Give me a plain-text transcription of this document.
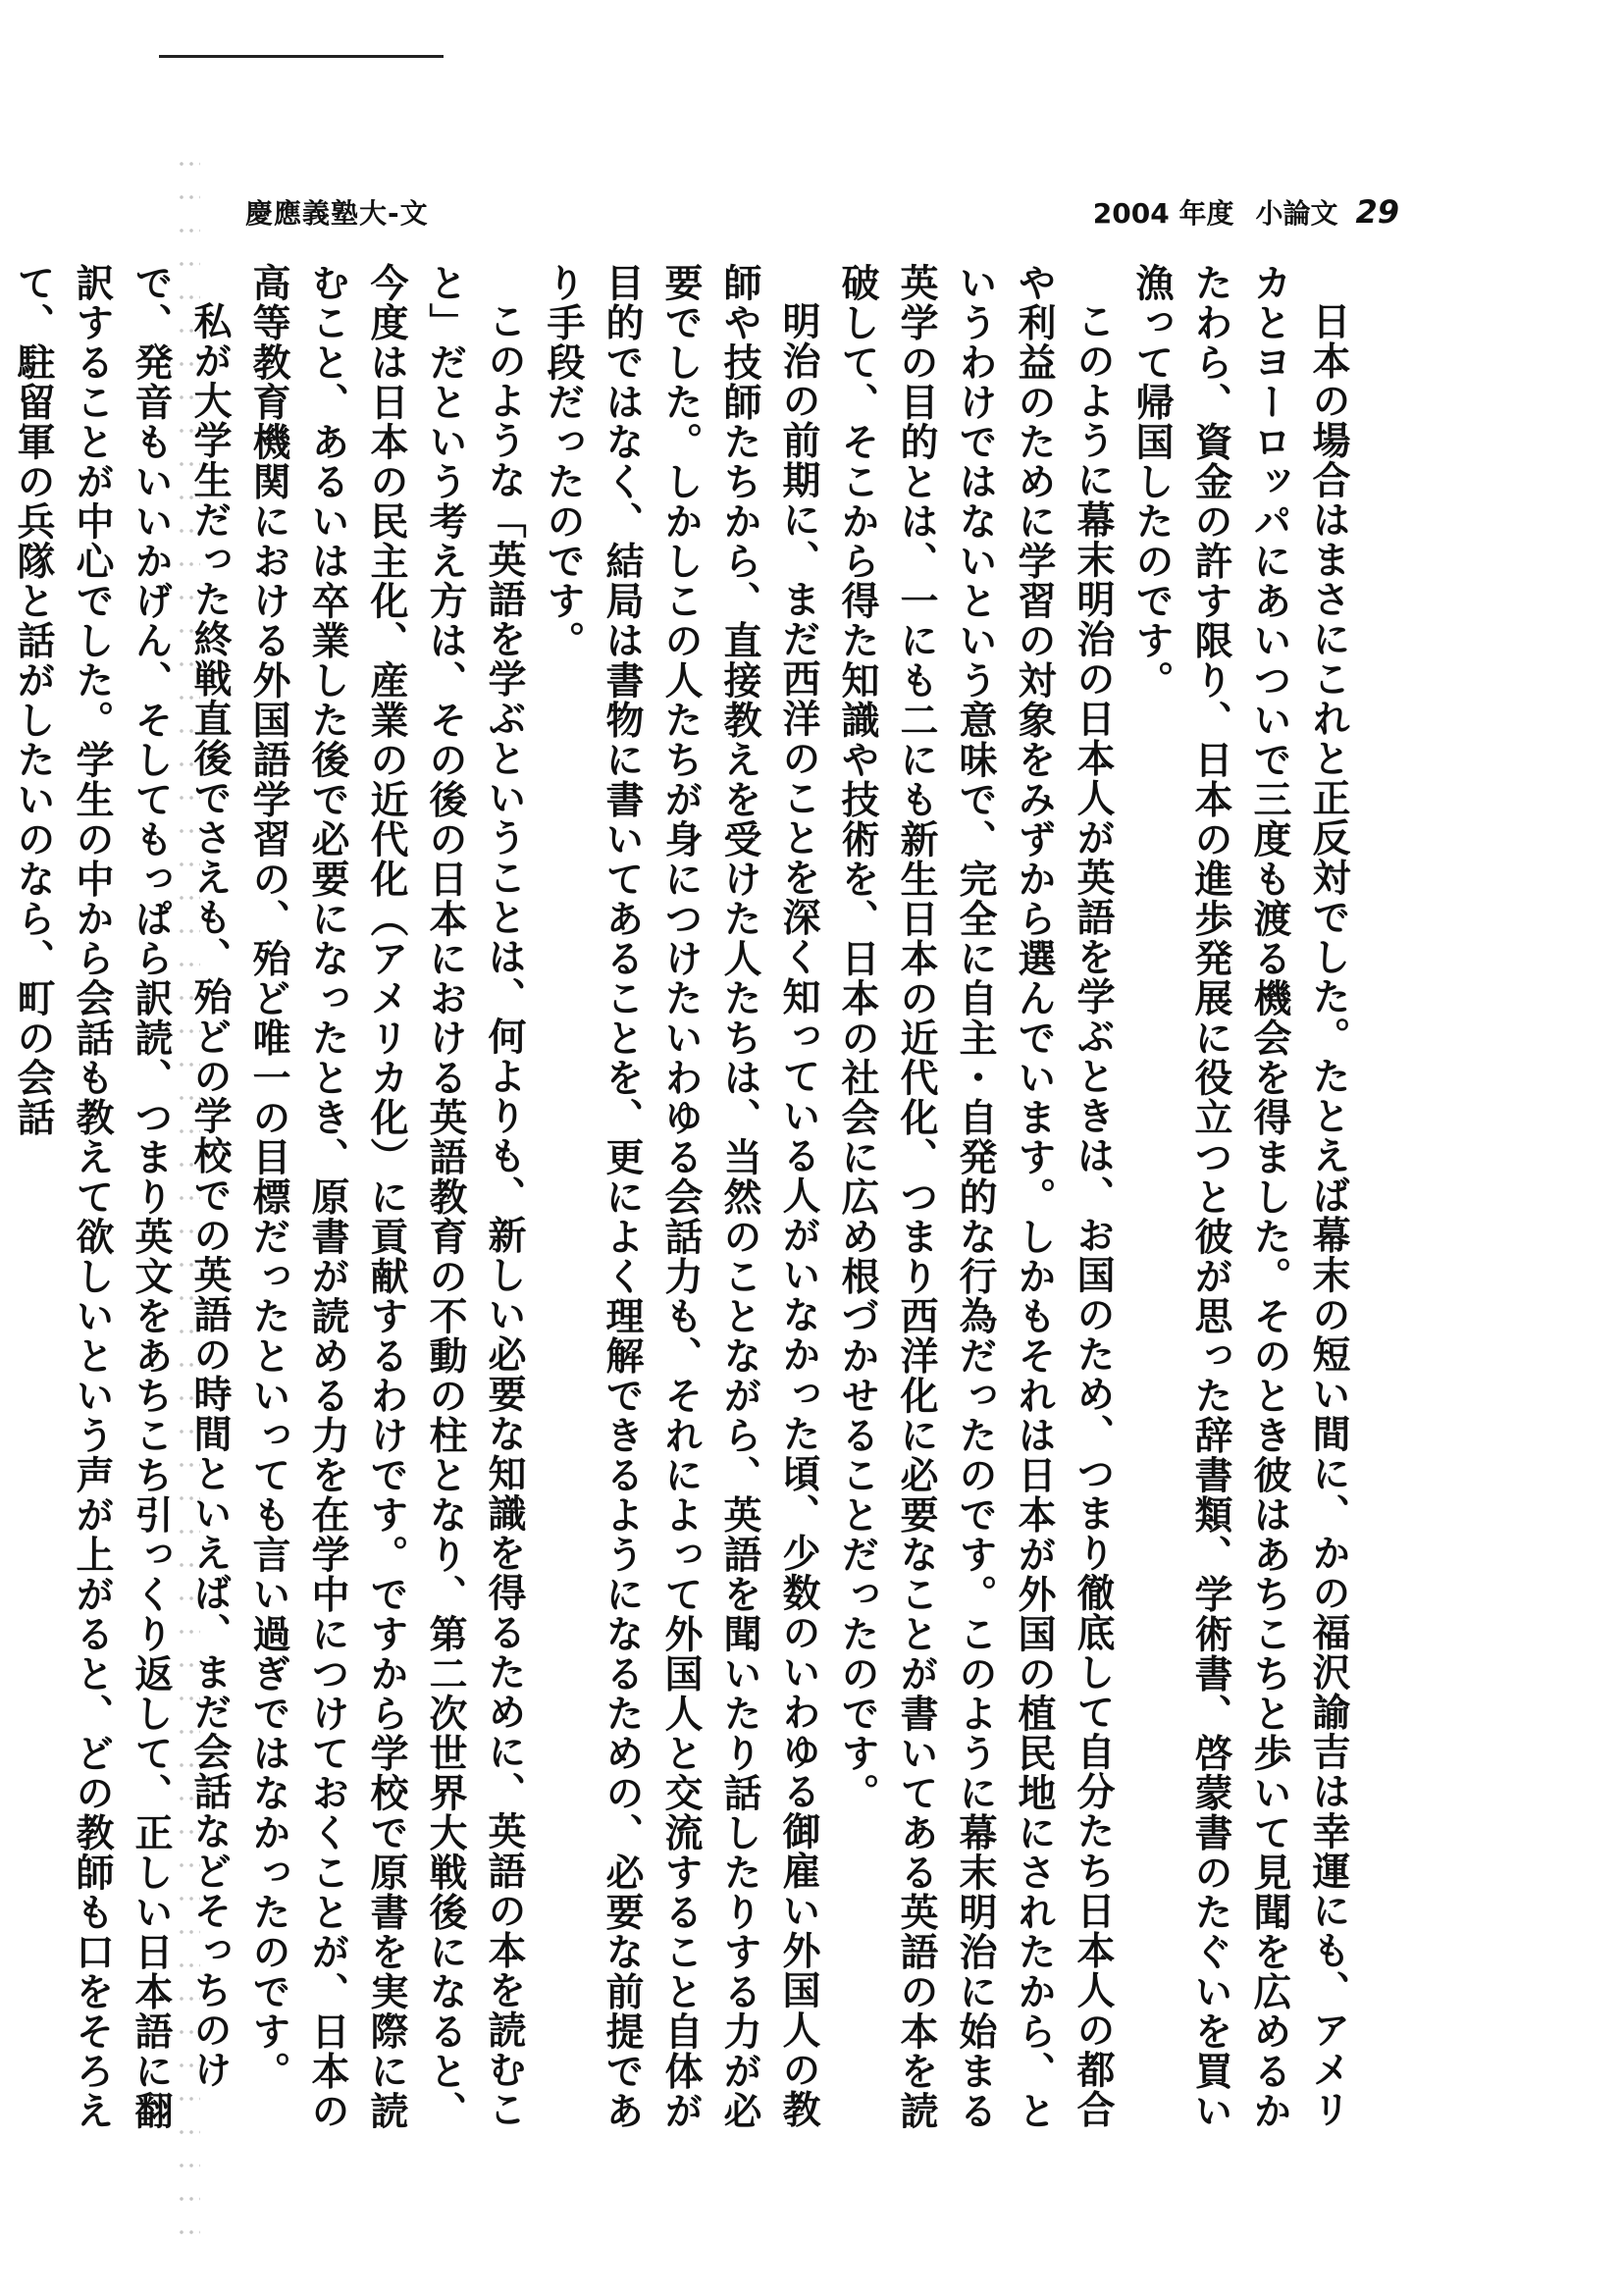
慶應義塾大-文	2004 年度 小論文 29

日本の場合はまさにこれと正反対でした。たとえば幕末の短い間に、かの福沢諭吉は幸運にも、アメリカとヨーロッパにあいついで三度も渡る機会を得ました。そのとき彼はあちこちと歩いて見聞を広めるかたわら、資金の許す限り、日本の進歩発展に役立つと彼が思った辞書類、学術書、啓蒙書のたぐいを買い漁って帰国したのです。

このように幕末明治の日本人が英語を学ぶときは、お国のため、つまり徹底して自分たち日本人の都合や利益のために学習の対象をみずから選んでいます。しかもそれは日本が外国の植民地にされたから、というわけではないという意味で、完全に自主・自発的な行為だったのです。このように幕末明治に始まる英学の目的とは、一にも二にも新生日本の近代化、つまり西洋化に必要なことが書いてある英語の本を読破して、そこから得た知識や技術を、日本の社会に広め根づかせることだったのです。

明治の前期に、まだ西洋のことを深く知っている人がいなかった頃、少数のいわゆる御雇い外国人の教師や技師たちから、直接教えを受けた人たちは、当然のことながら、英語を聞いたり話したりする力が必要でした。しかしこの人たちが身につけたいわゆる会話力も、それによって外国人と交流すること自体が目的ではなく、結局は書物に書いてあることを、更によく理解できるようになるための、必要な前提であり手段だったのです。

このような「英語を学ぶということは、何よりも、新しい必要な知識を得るために、英語の本を読むこと」だという考え方は、その後の日本における英語教育の不動の柱となり、第二次世界大戦後になると、今度は日本の民主化、産業の近代化（アメリカ化）に貢献するわけです。ですから学校で原書を実際に読むこと、あるいは卒業した後で必要になったとき、原書が読める力を在学中につけておくことが、日本の高等教育機関における外国語学習の、殆ど唯一の目標だったといっても言い過ぎではなかったのです。

私が大学生だった終戦直後でさえも、殆どの学校での英語の時間といえば、まだ会話などそっちのけで、発音もいいかげん、そしてもっぱら訳読、つまり英文をあちこち引っくり返して、正しい日本語に翻訳することが中心でした。学生の中から会話も教えて欲しいという声が上がると、どの教師も口をそろえて、駐留軍の兵隊と話がしたいのなら、町の会話
